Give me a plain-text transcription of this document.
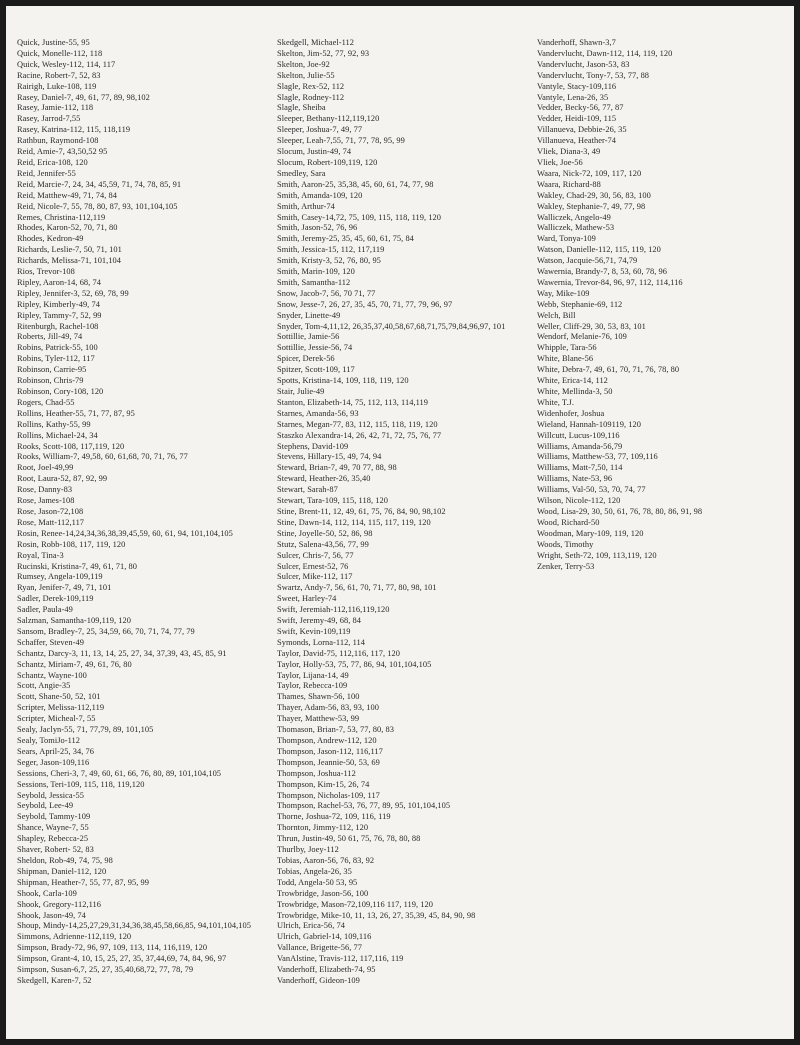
Quick, Justine-55, 95
Quick, Monelle-112, 118
Quick, Wesley-112, 114, 117
Racine, Robert-7, 52, 83
Rairigh, Luke-108, 119
Rasey, Daniel-7, 49, 61, 77, 89, 98,102
Rasey, Jamie-112, 118
Rasey, Jarrod-7,55
Rasey, Katrina-112, 115, 118,119
Rathbun, Raymond-108
Reid, Amie-7, 43,50,52 95
Reid, Erica-108, 120
Reid, Jennifer-55
Reid, Marcie-7, 24, 34, 45,59, 71, 74, 78, 85, 91
Reid, Matthew-49, 71, 74, 84
Reid, Nicole-7, 55, 78, 80, 87, 93, 101,104,105
Remes, Christina-112,119
Rhodes, Karon-52, 70, 71, 80
Rhodes, Kedron-49
Richards, Leslie-7, 50, 71, 101
Richards, Melissa-71, 101,104
Rios, Trevor-108
Ripley, Aaron-14, 68, 74
Ripley, Jennifer-3, 52, 69, 78, 99
Ripley, Kimberly-49, 74
Ripley, Tammy-7, 52, 99
Ritenburgh, Rachel-108
Roberts, Jill-49, 74
Robins, Patrick-55, 100
Robins, Tyler-112, 117
Robinson, Carrie-95
Robinson, Chris-79
Robinson, Cory-108, 120
Rogers, Chad-55
Rollins, Heather-55, 71, 77, 87, 95
Rollins, Kathy-55, 99
Rollins, Michael-24, 34
Rooks, Scott-108, 117,119, 120
Rooks, William-7, 49,58, 60, 61,68, 70, 71, 76, 77
Root, Joel-49,99
Root, Laura-52, 87, 92, 99
Rose, Danny-83
Rose, James-108
Rose, Jason-72,108
Rose, Matt-112,117
Rosin, Renee-14,24,34,36,38,39,45,59, 60, 61, 94, 101,104,105
Rosin, Robb-108, 117, 119, 120
Royal, Tina-3
Rucinski, Kristina-7, 49, 61, 71, 80
Rumsey, Angela-109,119
Ryan, Jenifer-7, 49, 71, 101
Sadler, Derek-109,119
Sadler, Paula-49
Salzman, Samantha-109,119, 120
Sansom, Bradley-7, 25, 34,59, 66, 70, 71, 74, 77, 79
Schaffer, Steven-49
Schantz, Darcy-3, 11, 13, 14, 25, 27, 34, 37,39, 43, 45, 85, 91
Schantz, Miriam-7, 49, 61, 76, 80
Schantz, Wayne-100
Scott, Angie-35
Scott, Shane-50, 52, 101
Scripter, Melissa-112,119
Scripter, Micheal-7, 55
Sealy, Jaclyn-55, 71, 77,79, 89, 101,105
Sealy, TomiJo-112
Sears, April-25, 34, 76
Seger, Jason-109,116
Sessions, Cheri-3, 7, 49, 60, 61, 66, 76, 80, 89, 101,104,105
Sessions, Teri-109, 115, 118, 119,120
Seybold, Jessica-55
Seybold, Lee-49
Seybold, Tammy-109
Shance, Wayne-7, 55
Shapley, Rebecca-25
Shaver, Robert- 52, 83
Sheldon, Rob-49, 74, 75, 98
Shipman, Daniel-112, 120
Shipman, Heather-7, 55, 77, 87, 95, 99
Shook, Carla-109
Shook, Gregory-112,116
Shook, Jason-49, 74
Shoup, Mindy-14,25,27,29,31,34,36,38,45,58,66,85, 94,101,104,105
Simmons, Adrienne-112,119, 120
Simpson, Brady-72, 96, 97, 109, 113, 114, 116,119, 120
Simpson, Grant-4, 10, 15, 25, 27, 35, 37,44,69, 74, 84, 96, 97
Simpson, Susan-6,7, 25, 27, 35,40,68,72, 77, 78, 79
Skedgell, Karen-7, 52
Skedgell, Michael-112
Skelton, Jim-52, 77, 92, 93
Skelton, Joe-92
Skelton, Julie-55
Slagle, Rex-52, 112
Slagle, Rodney-112
Slagle, Sheiba
Sleeper, Bethany-112,119,120
Sleeper, Joshua-7, 49, 77
Sleeper, Leah-7,55, 71, 77, 78, 95, 99
Slocum, Justin-49, 74
Slocum, Robert-109,119, 120
Smedley, Sara
Smith, Aaron-25, 35,38, 45, 60, 61, 74, 77, 98
Smith, Amanda-109, 120
Smith, Arthur-74
Smith, Casey-14,72, 75, 109, 115, 118, 119, 120
Smith, Jason-52, 76, 96
Smith, Jeremy-25, 35, 45, 60, 61, 75, 84
Smith, Jessica-15, 112, 117,119
Smith, Kristy-3, 52, 76, 80, 95
Smith, Marin-109, 120
Smith, Samantha-112
Snow, Jacob-7, 56, 70 71, 77
Snow, Jesse-7, 26, 27, 35, 45, 70, 71, 77, 79, 96, 97
Snyder, Linette-49
Snyder, Tom-4,11,12, 26,35,37,40,58,67,68,71,75,79,84,96,97, 101
Sottillie, Jamie-56
Sottillie, Jessie-56, 74
Spicer, Derek-56
Spitzer, Scott-109, 117
Spotts, Kristina-14, 109, 118, 119, 120
Stair, Julie-49
Stanton, Elizabeth-14, 75, 112, 113, 114,119
Starnes, Amanda-56, 93
Starnes, Megan-77, 83, 112, 115, 118, 119, 120
Staszko Alexandra-14, 26, 42, 71, 72, 75, 76, 77
Stephens, David-109
Stevens, Hillary-15, 49, 74, 94
Steward, Brian-7, 49, 70 77, 88, 98
Steward, Heather-26, 35,40
Stewart, Sarah-87
Stewart, Tara-109, 115, 118, 120
Stine, Brent-11, 12, 49, 61, 75, 76, 84, 90, 98,102
Stine, Dawn-14, 112, 114, 115, 117, 119, 120
Stine, Joyelle-50, 52, 86, 98
Stutz, Salena-43,56, 77, 99
Sulcer, Chris-7, 56, 77
Sulcer, Ernest-52, 76
Sulcer, Mike-112, 117
Swartz, Andy-7, 56, 61, 70, 71, 77, 80, 98, 101
Sweet, Harley-74
Swift, Jeremiah-112,116,119,120
Swift, Jeremy-49, 68, 84
Swift, Kevin-109,119
Symonds, Lorna-112, 114
Taylor, David-75, 112,116, 117, 120
Taylor, Holly-53, 75, 77, 86, 94, 101,104,105
Taylor, Lijana-14, 49
Taylor, Rebecca-109
Thames, Shawn-56, 100
Thayer, Adam-56, 83, 93, 100
Thayer, Matthew-53, 99
Thomason, Brian-7, 53, 77, 80, 83
Thompson, Andrew-112, 120
Thompson, Jason-112, 116,117
Thompson, Jeannie-50, 53, 69
Thompson, Joshua-112
Thompson, Kim-15, 26, 74
Thompson, Nicholas-109, 117
Thompson, Rachel-53, 76, 77, 89, 95, 101,104,105
Thorne, Joshua-72, 109, 116, 119
Thornton, Jimmy-112, 120
Thrun, Justin-49, 50 61, 75, 76, 78, 80, 88
Thurlby, Joey-112
Tobias, Aaron-56, 76, 83, 92
Tobias, Angela-26, 35
Todd, Angela-50 53, 95
Trowbridge, Jason-56, 100
Trowbridge, Mason-72,109,116 117, 119, 120
Trowbridge, Mike-10, 11, 13, 26, 27, 35,39, 45, 84, 90, 98
Ulrich, Erica-56, 74
Ulrich, Gabriel-14, 109,116
Vallance, Brigette-56, 77
VanAlstine, Travis-112, 117,116, 119
Vanderhoff, Elizabeth-74, 95
Vanderhoff, Gideon-109
Vanderhoff, Shawn-3,7
Vandervlucht, Dawn-112, 114, 119, 120
Vandervlucht, Jason-53, 83
Vandervlucht, Tony-7, 53, 77, 88
Vantyle, Stacy-109,116
Vantyle, Lena-26, 35
Vedder, Becky-56, 77, 87
Vedder, Heidi-109, 115
Villanueva, Debbie-26, 35
Villanueva, Heather-74
Vliek, Diana-3, 49
Vliek, Joe-56
Waara, Nick-72, 109, 117, 120
Waara, Richard-88
Wakley, Chad-29, 30, 56, 83, 100
Wakley, Stephanie-7, 49, 77, 98
Walliczek, Angelo-49
Walliczek, Mathew-53
Ward, Tonya-109
Watson, Danielle-112, 115, 119, 120
Watson, Jacquie-56,71, 74,79
Wawernia, Brandy-7, 8, 53, 60, 78, 96
Wawernia, Trevor-84, 96, 97, 112, 114,116
Way, Mike-109
Webb, Stephanie-69, 112
Welch, Bill
Weller, Cliff-29, 30, 53, 83, 101
Wendorf, Melanie-76, 109
Whipple, Tara-56
White, Blane-56
White, Debra-7, 49, 61, 70, 71, 76, 78, 80
White, Erica-14, 112
White, Mellinda-3, 50
White, T.J.
Widenhofer, Joshua
Wieland, Hannah-109119, 120
Willcutt, Lucus-109,116
Williams, Amanda-56,79
Williams, Matthew-53, 77, 109,116
Williams, Matt-7,50, 114
Williams, Nate-53, 96
Williams, Val-50, 53, 70, 74, 77
Wilson, Nicole-112, 120
Wood, Lisa-29, 30, 50, 61, 76, 78, 80, 86, 91, 98
Wood, Richard-50
Woodman, Mary-109, 119, 120
Woods, Timothy
Wright, Seth-72, 109, 113,119, 120
Zenker, Terry-53
